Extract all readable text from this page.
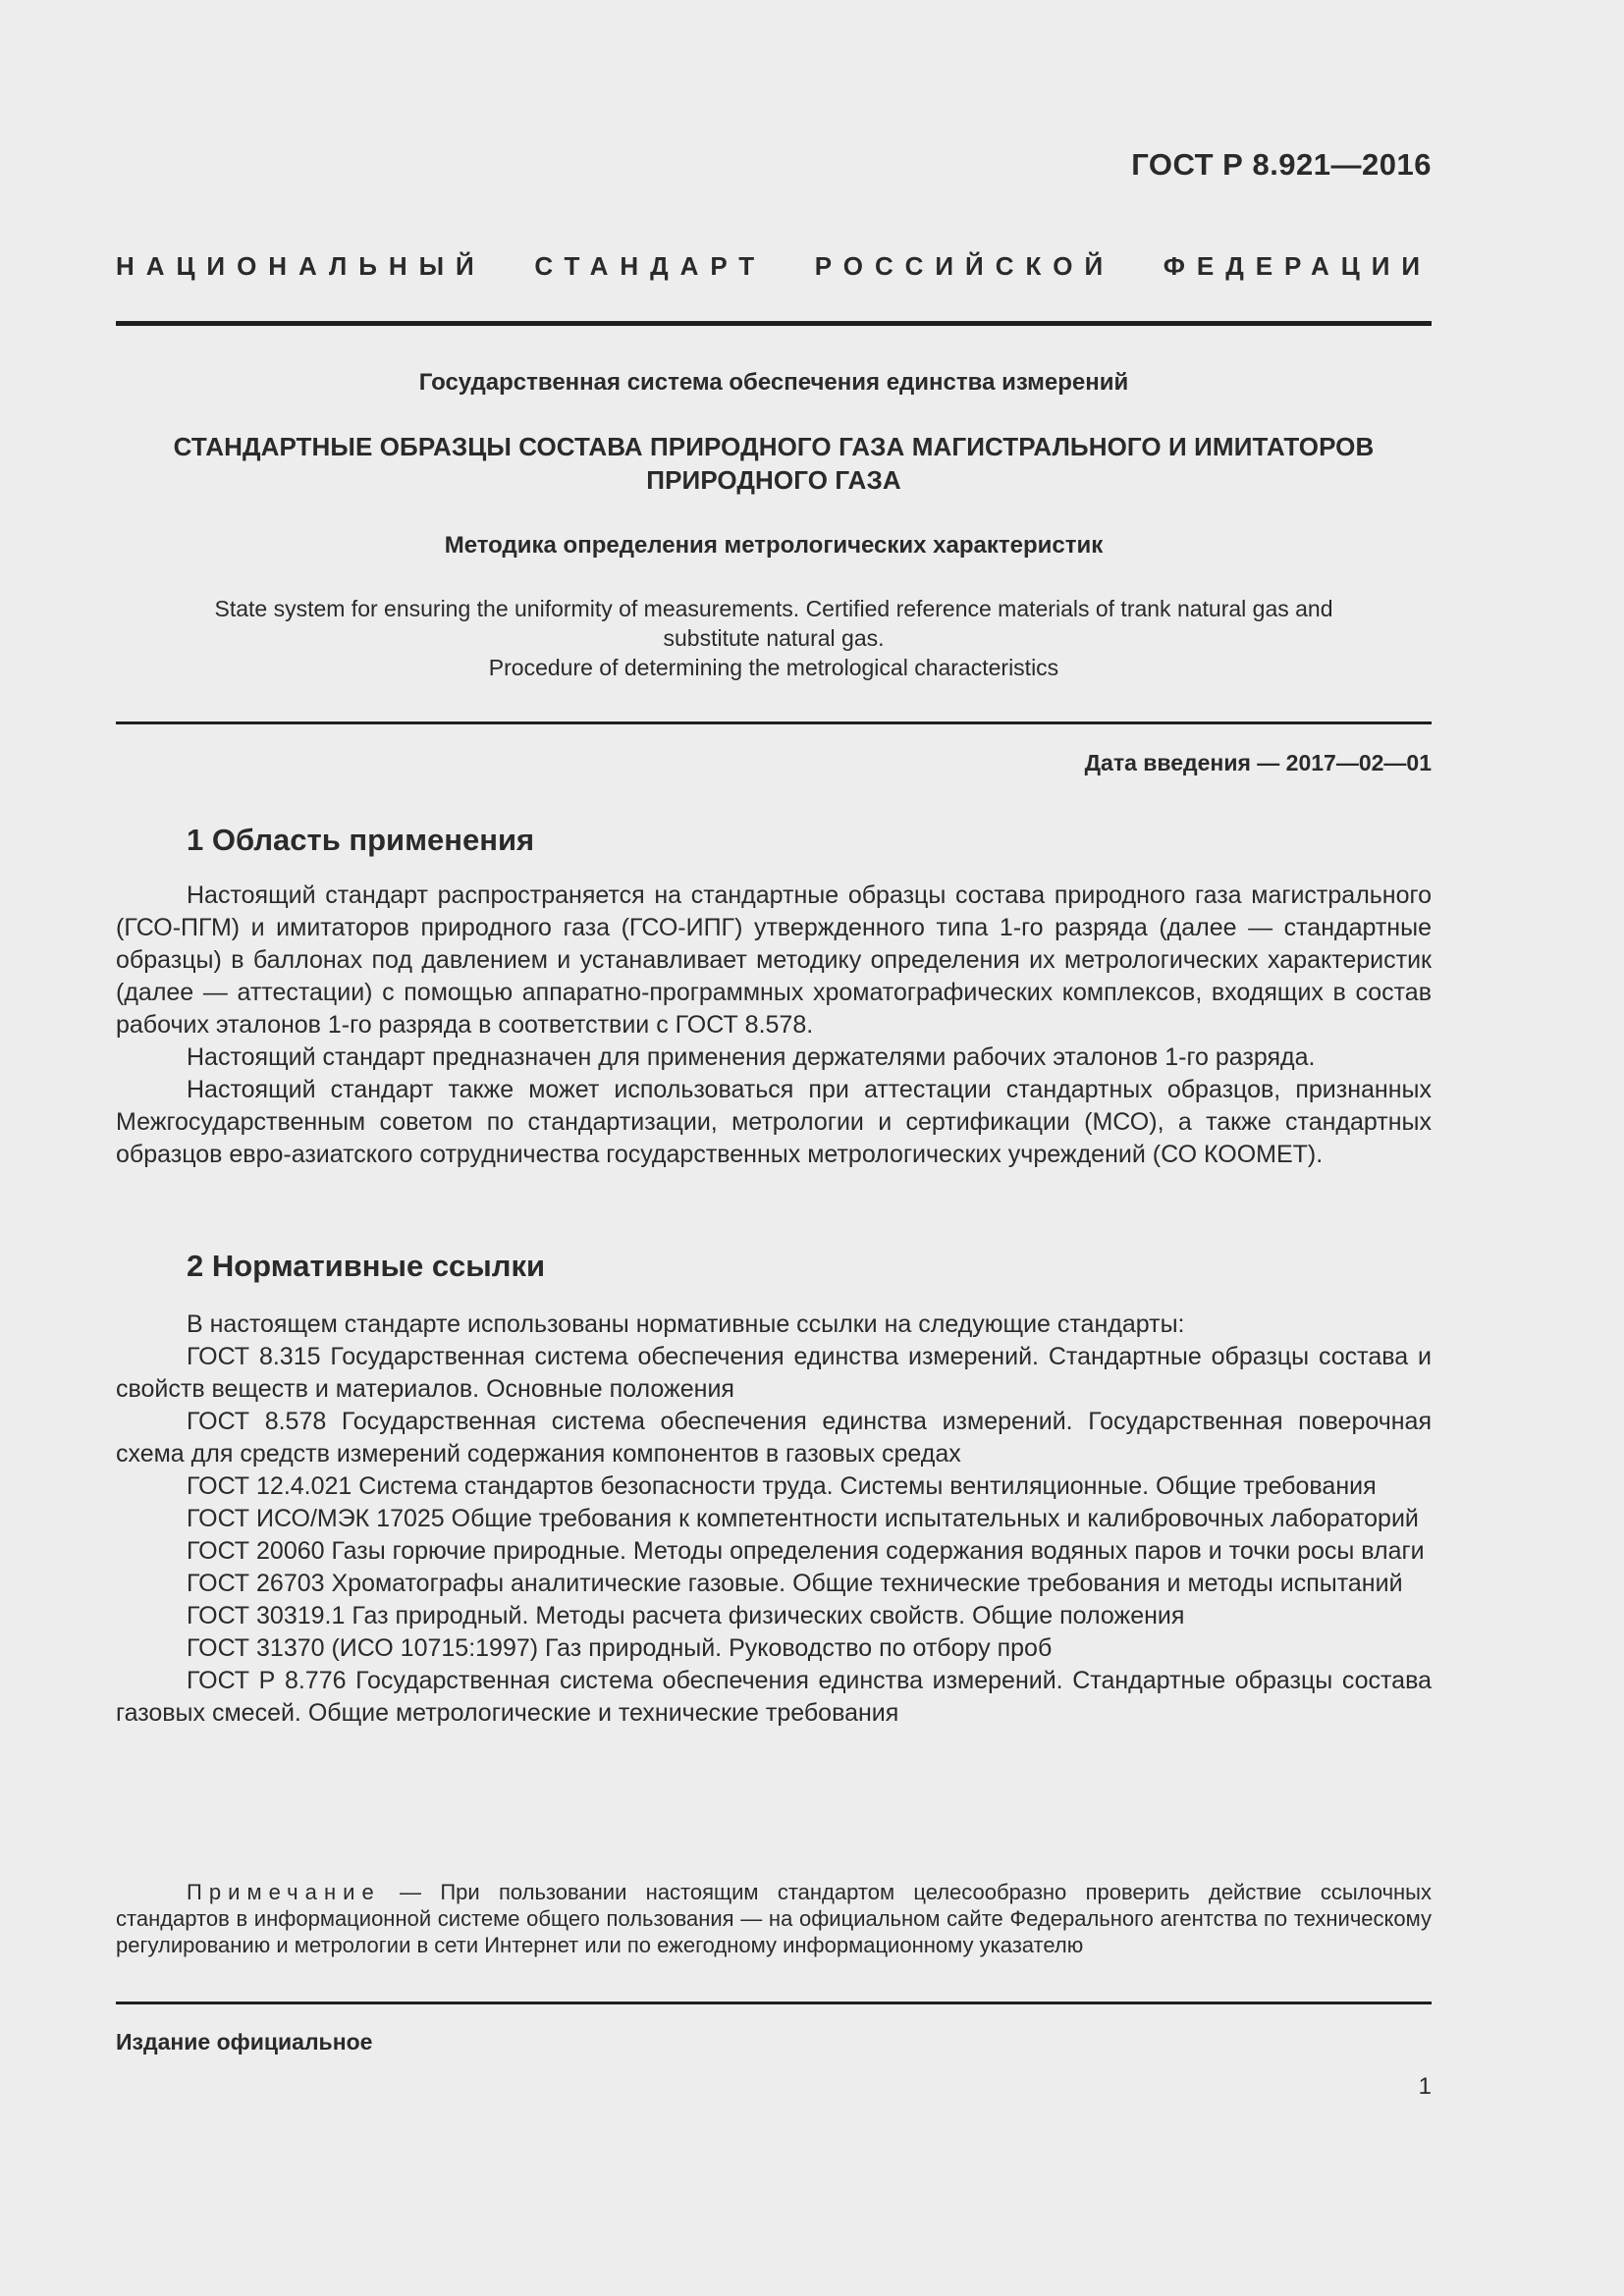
ГОСТ Р 8.921—2016
НАЦИОНАЛЬНЫЙ СТАНДАРТ РОССИЙСКОЙ ФЕДЕРАЦИИ
Государственная система обеспечения единства измерений
СТАНДАРТНЫЕ ОБРАЗЦЫ СОСТАВА ПРИРОДНОГО ГАЗА МАГИСТРАЛЬНОГО И ИМИТАТОРОВ
ПРИРОДНОГО ГАЗА
Методика определения метрологических характеристик
State system for ensuring the uniformity of measurements. Certified reference materials of trank natural gas and
substitute natural gas.
Procedure of determining the metrological characteristics
Дата введения — 2017—02—01
1 Область применения

Настоящий стандарт распространяется на стандартные образцы состава природного газа магистрального (ГСО-ПГМ) и имитаторов природного газа (ГСО-ИПГ) утвержденного типа 1-го разряда (далее — стандартные образцы) в баллонах под давлением и устанавливает методику определения их метрологических характеристик (далее — аттестации) с помощью аппаратно-программных хроматографических комплексов, входящих в состав рабочих эталонов 1-го разряда в соответствии с ГОСТ 8.578.

Настоящий стандарт предназначен для применения держателями рабочих эталонов 1-го разряда.

Настоящий стандарт также может использоваться при аттестации стандартных образцов, признанных Межгосударственным советом по стандартизации, метрологии и сертификации (МСО), а также стандартных образцов евро-азиатского сотрудничества государственных метрологических учреждений (СО КООМЕТ).

2 Нормативные ссылки

В настоящем стандарте использованы нормативные ссылки на следующие стандарты:

ГОСТ 8.315 Государственная система обеспечения единства измерений. Стандартные образцы состава и свойств веществ и материалов. Основные положения

ГОСТ 8.578 Государственная система обеспечения единства измерений. Государственная поверочная схема для средств измерений содержания компонентов в газовых средах

ГОСТ 12.4.021 Система стандартов безопасности труда. Системы вентиляционные. Общие требования

ГОСТ ИСО/МЭК 17025 Общие требования к компетентности испытательных и калибровочных лабораторий

ГОСТ 20060 Газы горючие природные. Методы определения содержания водяных паров и точки росы влаги

ГОСТ 26703 Хроматографы аналитические газовые. Общие технические требования и методы испытаний

ГОСТ 30319.1 Газ природный. Методы расчета физических свойств. Общие положения

ГОСТ 31370 (ИСО 10715:1997) Газ природный. Руководство по отбору проб

ГОСТ Р 8.776 Государственная система обеспечения единства измерений. Стандартные образцы состава газовых смесей. Общие метрологические и технические требования

Примечание — При пользовании настоящим стандартом целесообразно проверить действие ссылочных стандартов в информационной системе общего пользования — на официальном сайте Федерального агентства по техническому регулированию и метрологии в сети Интернет или по ежегодному информационному указателю

Издание официальное
1
